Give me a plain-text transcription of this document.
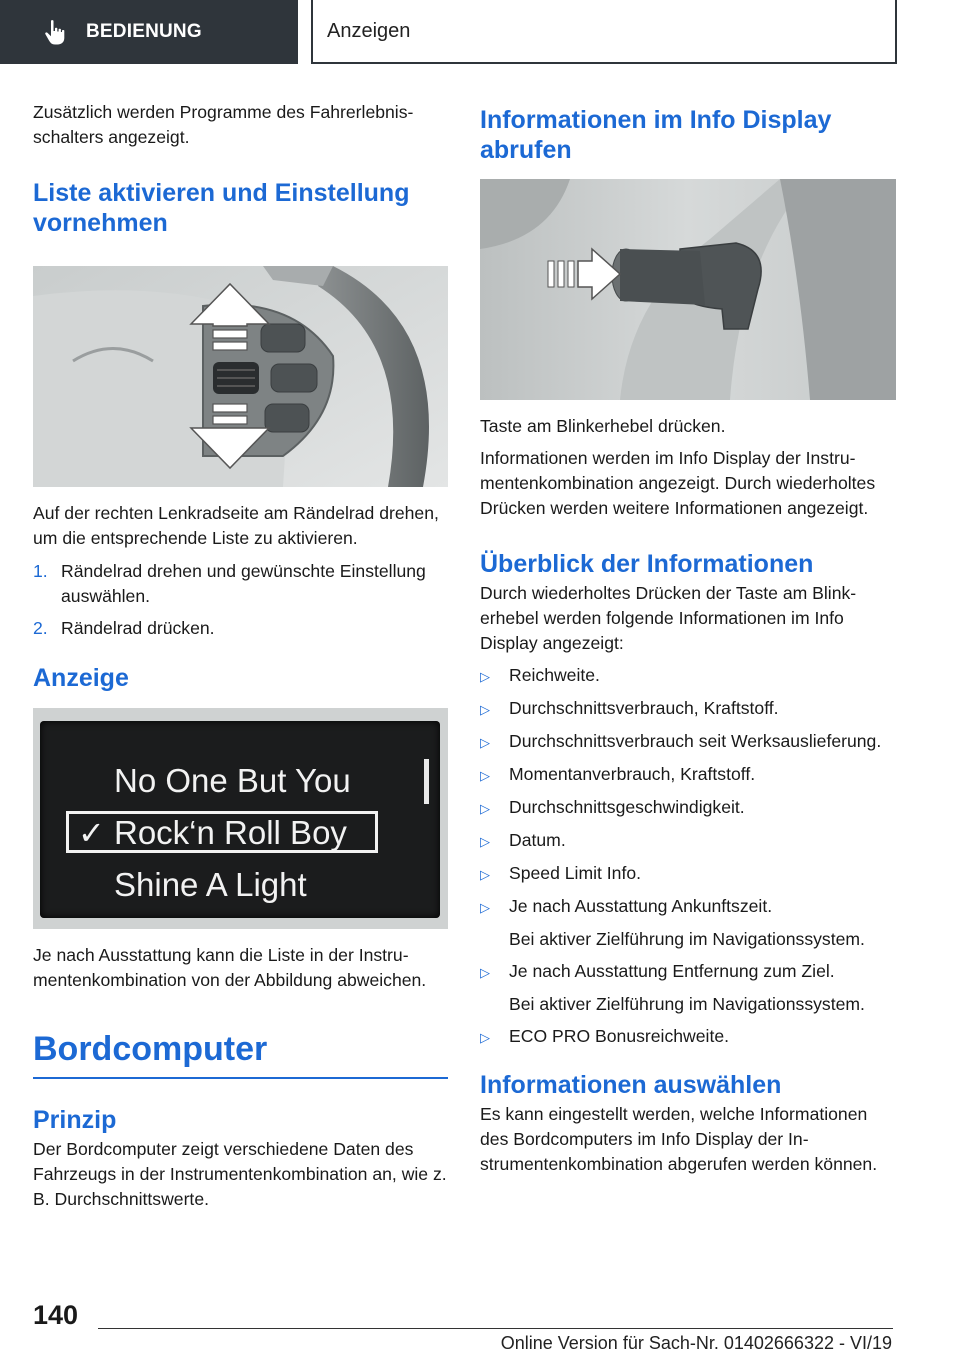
BEDIENUNG	Anzeigen

Zusätzlich werden Programme des Fahrerlebnisschalters angezeigt.

Liste aktivieren und Einstellung vornehmen

Auf der rechten Lenkradseite am Rändelrad drehen, um die entsprechende Liste zu aktivieren.

1. Rändelrad drehen und gewünschte Einstellung auswählen.
2. Rändelrad drücken.
Anzeige
No One But You
✓ Rock‘n Roll Boy
Shine A Light

Je nach Ausstattung kann die Liste in der Instrumentenkombination von der Abbildung abweichen.

Bordcomputer
Prinzip

Der Bordcomputer zeigt verschiedene Daten des Fahrzeugs in der Instrumentenkombination an, wie z. B. Durchschnittswerte.

Informationen im Info Display abrufen

Taste am Blinkerhebel drücken.

Informationen werden im Info Display der Instrumentenkombination angezeigt. Durch wiederholtes Drücken werden weitere Informationen angezeigt.

Überblick der Informationen

Durch wiederholtes Drücken der Taste am Blinkerhebel werden folgende Informationen im Info Display angezeigt:

▷	Reichweite.
▷	Durchschnittsverbrauch, Kraftstoff.
▷	Durchschnittsverbrauch seit Werksauslieferung.
▷	Momentanverbrauch, Kraftstoff.
▷	Durchschnittsgeschwindigkeit.
▷	Datum.
▷	Speed Limit Info.
▷	Je nach Ausstattung Ankunftszeit.
Bei aktiver Zielführung im Navigationssystem.
▷	Je nach Ausstattung Entfernung zum Ziel.
Bei aktiver Zielführung im Navigationssystem.
▷	ECO PRO Bonusreichweite.
Informationen auswählen

Es kann eingestellt werden, welche Informationen des Bordcomputers im Info Display der Instrumentenkombination abgerufen werden können.

140
Online Version für Sach-Nr. 01402666322 - VI/19
